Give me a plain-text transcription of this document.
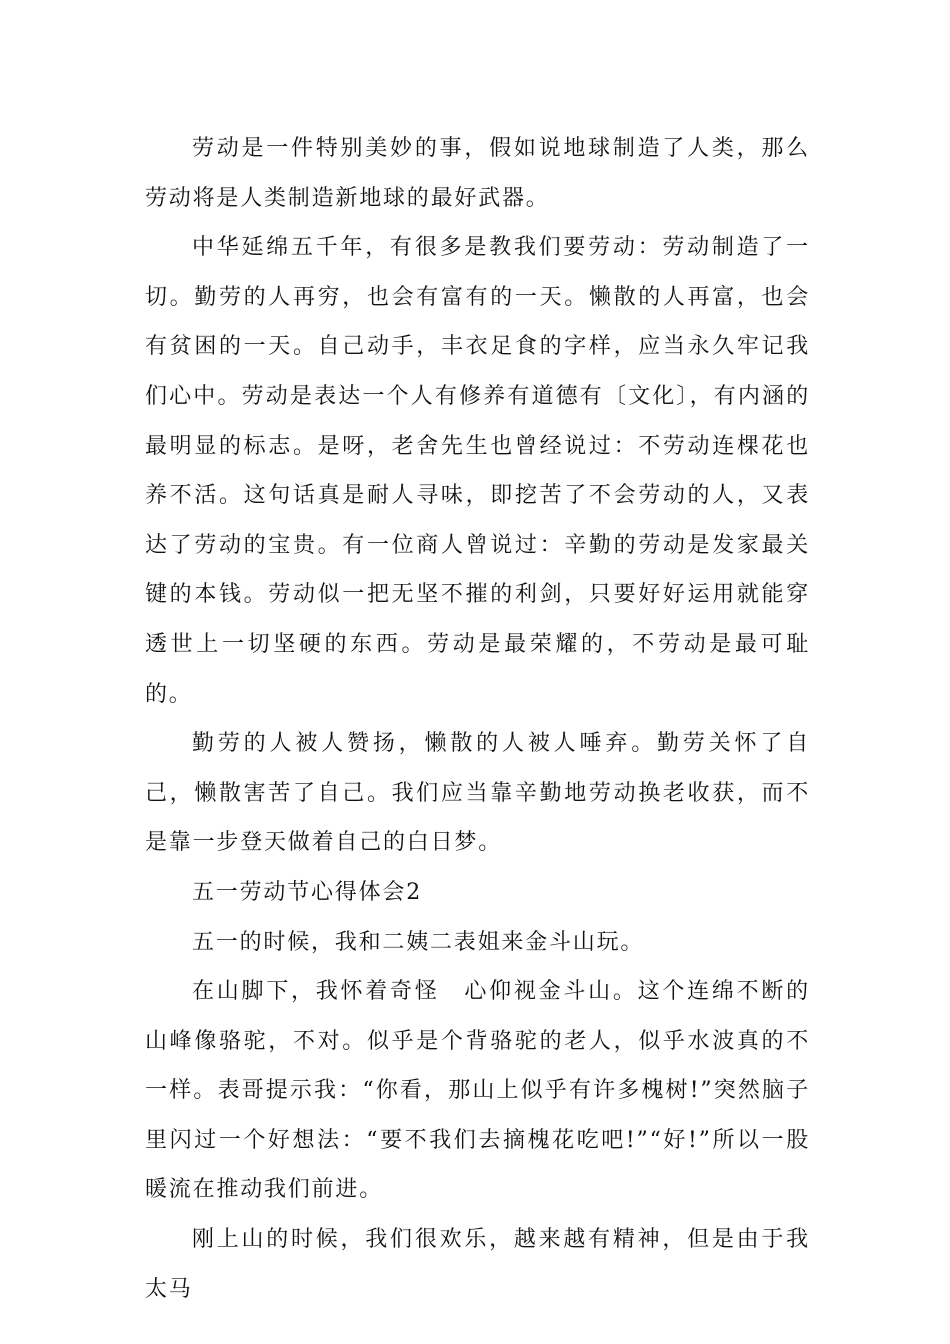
劳动是一件特别美妙的事，假如说地球制造了人类，那么劳动将是人类制造新地球的最好武器。

中华延绵五千年，有很多是教我们要劳动：劳动制造了一切。勤劳的人再穷，也会有富有的一天。懒散的人再富，也会有贫困的一天。自己动手，丰衣足食的字样，应当永久牢记我们心中。劳动是表达一个人有修养有道德有〔文化〕，有内涵的最明显的标志。是呀，老舍先生也曾经说过：不劳动连棵花也养不活。这句话真是耐人寻味，即挖苦了不会劳动的人，又表达了劳动的宝贵。有一位商人曾说过：辛勤的劳动是发家最关键的本钱。劳动似一把无坚不摧的利剑，只要好好运用就能穿透世上一切坚硬的东西。劳动是最荣耀的，不劳动是最可耻的。

勤劳的人被人赞扬，懒散的人被人唾弃。勤劳关怀了自己，懒散害苦了自己。我们应当靠辛勤地劳动换老收获，而不是靠一步登天做着自己的白日梦。

五一劳动节心得体会2

五一的时候，我和二姨二表姐来金斗山玩。

在山脚下，我怀着奇怪　心仰视金斗山。这个连绵不断的山峰像骆驼，不对。似乎是个背骆驼的老人，似乎水波真的不一样。表哥提示我：“你看，那山上似乎有许多槐树!”突然脑子里闪过一个好想法：“要不我们去摘槐花吃吧!”“好!”所以一股暖流在推动我们前进。

刚上山的时候，我们很欢乐，越来越有精神，但是由于我太马
